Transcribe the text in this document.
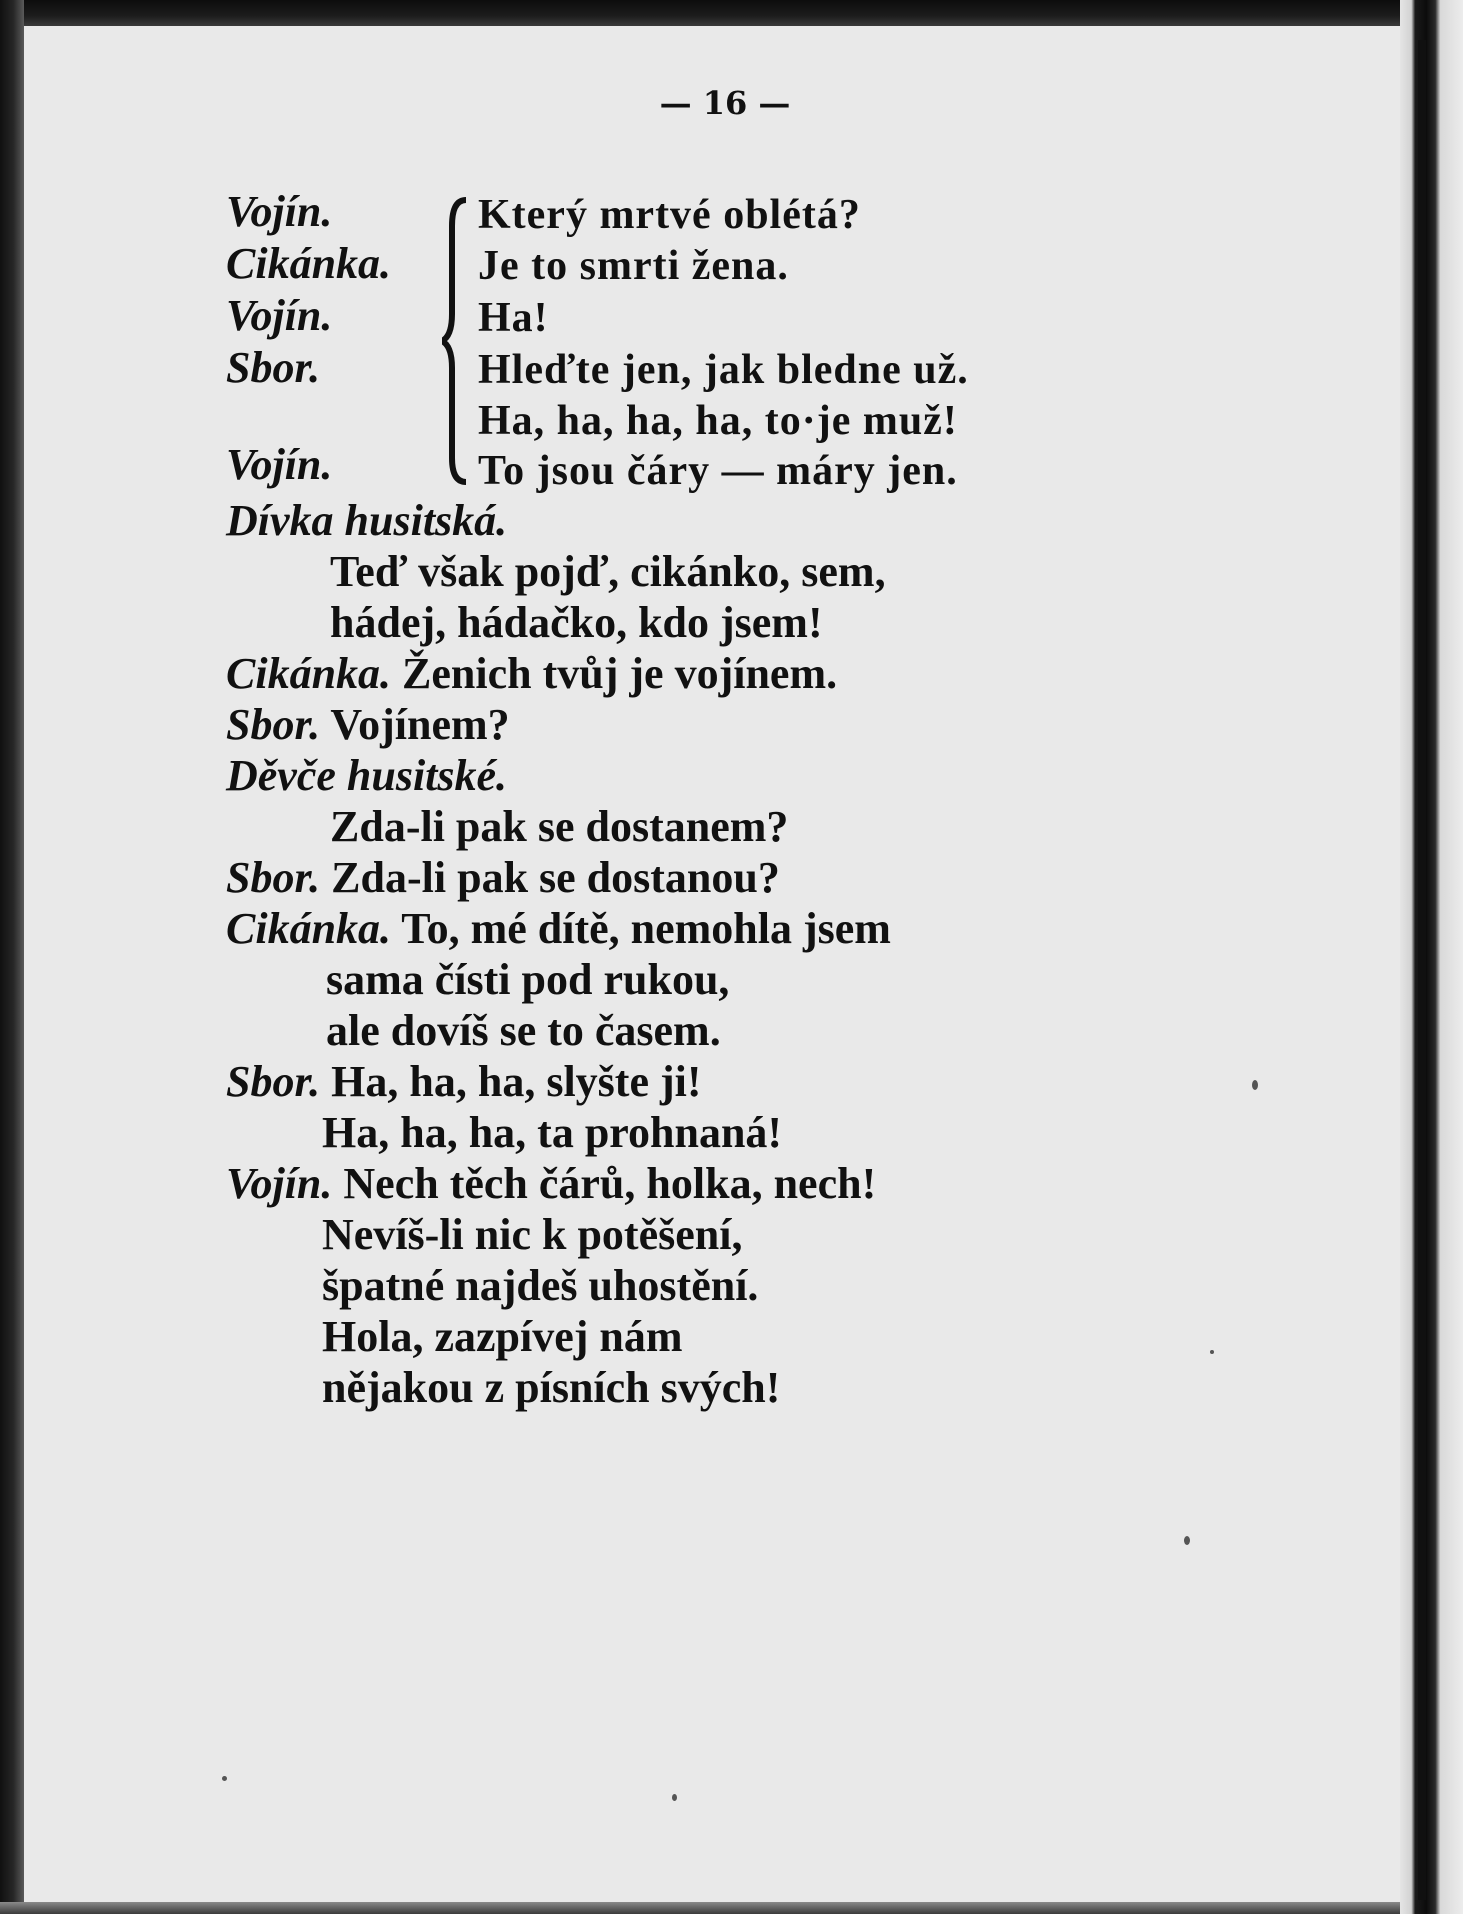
— 16 —
Vojín.
Cikánka.
Vojín.
Sbor.
Vojín.
Který mrtvé oblétá?
Je to smrti žena.
Ha!
Hleďte jen, jak bledne už.
Ha, ha, ha, ha, to·je muž!
To jsou čáry — máry jen.
Dívka husitská.
Teď však pojď, cikánko, sem,
hádej, hádačko, kdo jsem!
Cikánka. Ženich tvůj je vojínem.
Sbor. Vojínem?
Děvče husitské.
Zda-li pak se dostanem?
Sbor. Zda-li pak se dostanou?
Cikánka. To, mé dítě, nemohla jsem
sama čísti pod rukou,
ale dovíš se to časem.
Sbor. Ha, ha, ha, slyšte ji!
Ha, ha, ha, ta prohnaná!
Vojín. Nech těch čárů, holka, nech!
Nevíš-li nic k potěšení,
špatné najdeš uhostění.
Hola, zazpívej nám
nějakou z písních svých!
